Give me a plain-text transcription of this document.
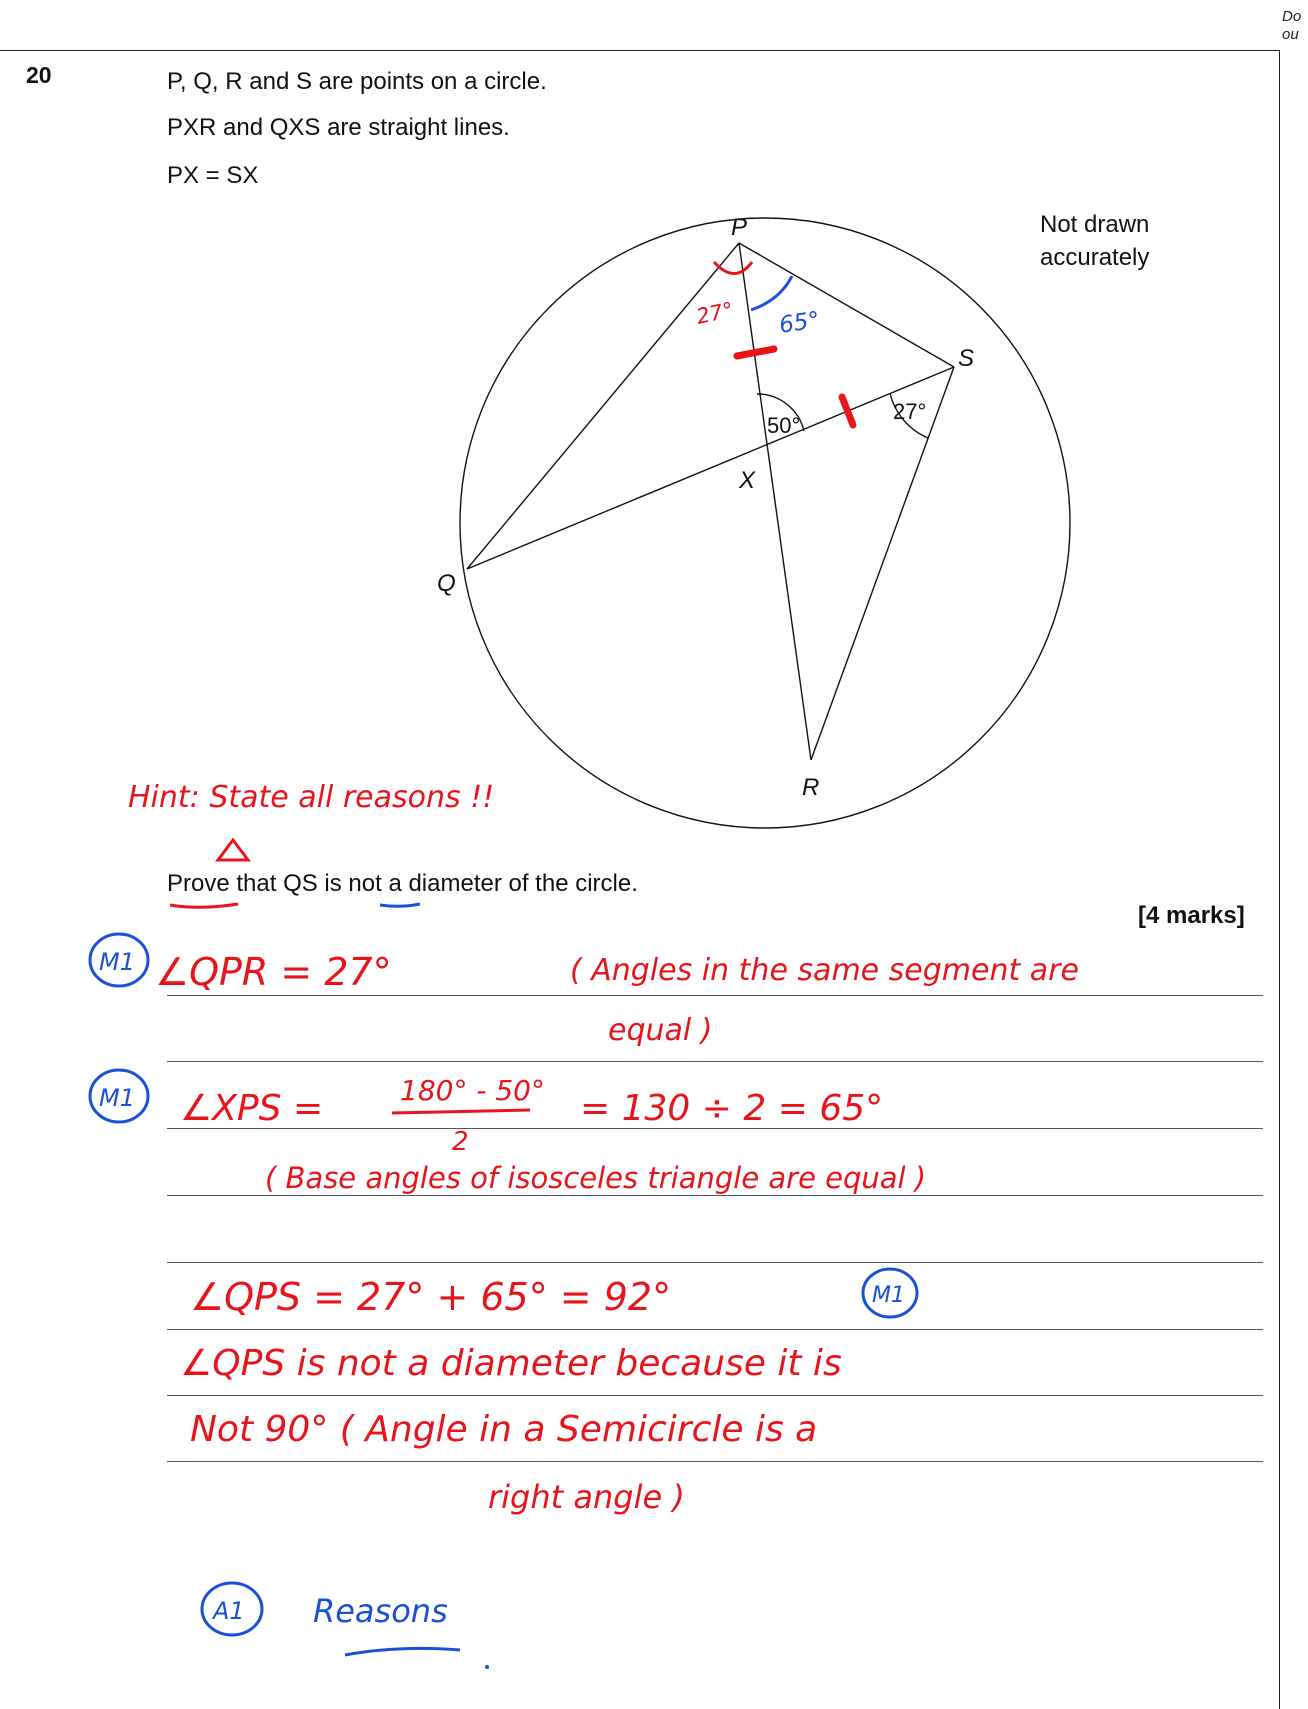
Do
ou
20	P, Q, R and S are points on a circle.
PXR and QXS are straight lines.
PX = SX
Not drawn accurately
Prove that QS is not a diameter of the circle.
[4 marks]
P
Q
R
S
X
50°
27°
27° 65°
Hint: State all reasons !!
M1 ∠QPR = 27°	( Angles in the same segment are
equal )
M1 ∠XPS =	180° - 50°
2
= 130 ÷ 2 = 65°
( Base angles of isosceles triangle are equal )
∠QPS = 27° + 65° = 92°	M1
∠QPS is not a diameter because it is
Not 90° ( Angle in a Semicircle is a
right angle )
A1 Reasons
